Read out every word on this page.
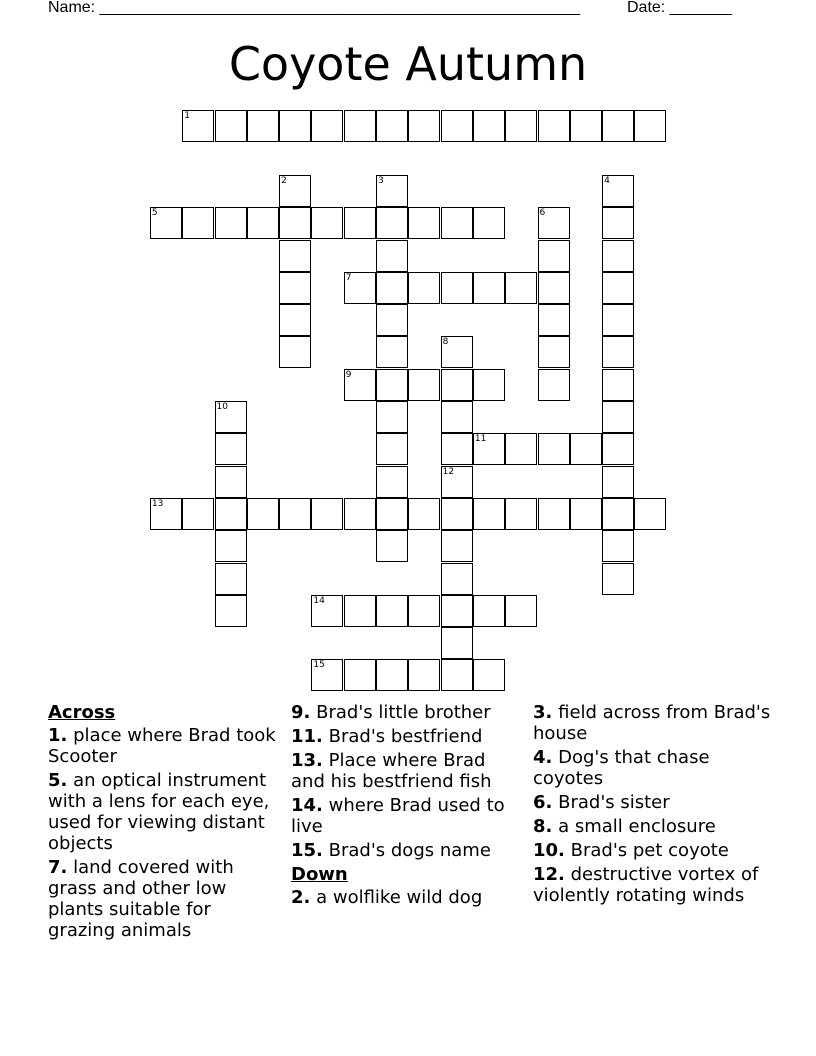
Name: ______________________________________________________	Date: _______
Coyote Autumn
1
2	3	4
5	6
7
8
9
10
11
12
13
14
15
Across
1. place where Brad took Scooter
5. an optical instrument with a lens for each eye, used for viewing distant objects
7. land covered with grass and other low plants suitable for grazing animals
9. Brad's little brother
11. Brad's bestfriend
13. Place where Brad and his bestfriend fish
14. where Brad used to live
15. Brad's dogs name
Down
2. a wolflike wild dog
3. field across from Brad's house
4. Dog's that chase coyotes
6. Brad's sister
8. a small enclosure
10. Brad's pet coyote
12. destructive vortex of violently rotating winds
